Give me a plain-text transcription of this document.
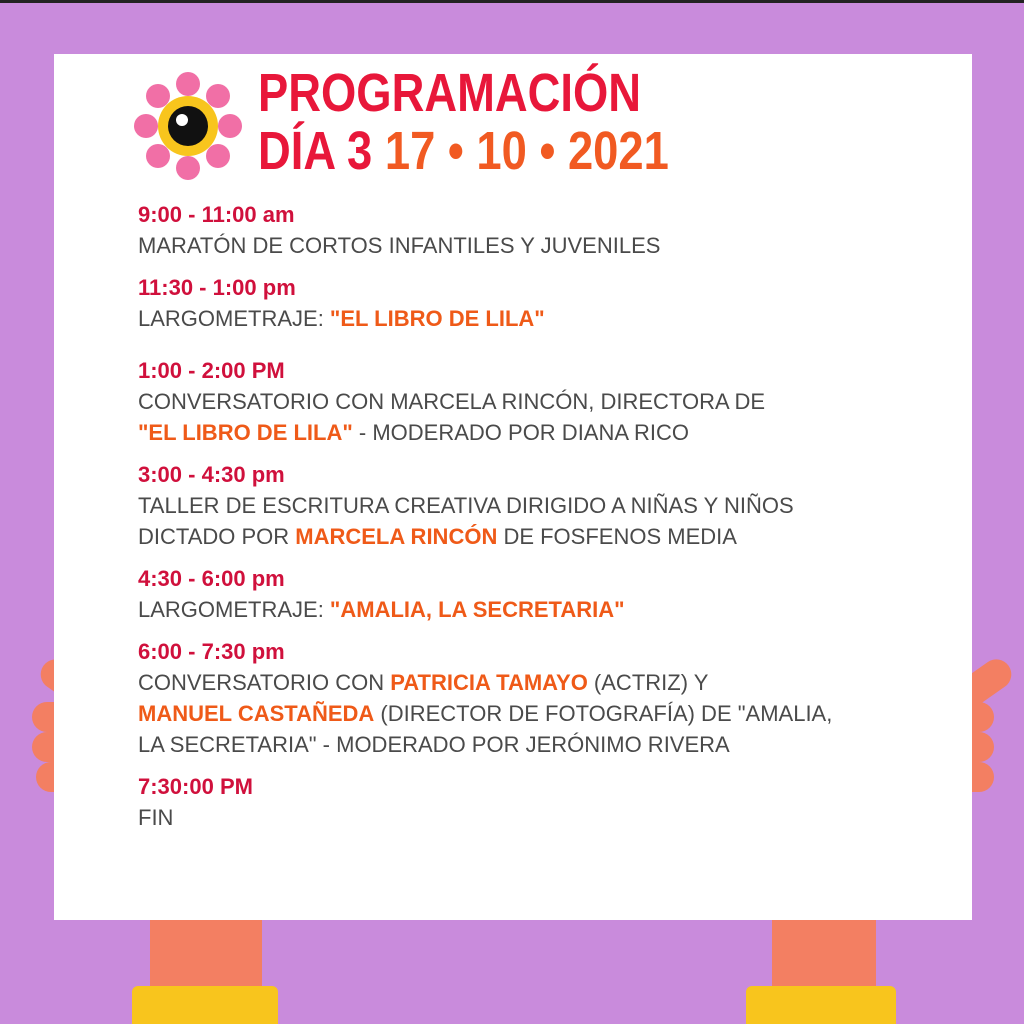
PROGRAMACIÓN
DÍA 3 17 • 10 • 2021
9:00 - 11:00 am
MARATÓN DE CORTOS INFANTILES Y JUVENILES
11:30 - 1:00 pm
LARGOMETRAJE: "EL LIBRO DE LILA"
1:00 - 2:00 PM
CONVERSATORIO CON MARCELA RINCÓN, DIRECTORA DE
"EL LIBRO DE LILA" - MODERADO POR DIANA RICO
3:00 - 4:30 pm
TALLER DE ESCRITURA CREATIVA DIRIGIDO A NIÑAS Y NIÑOS
DICTADO POR MARCELA RINCÓN DE FOSFENOS MEDIA
4:30 - 6:00 pm
LARGOMETRAJE: "AMALIA, LA SECRETARIA"
6:00 - 7:30 pm
CONVERSATORIO CON PATRICIA TAMAYO (ACTRIZ) Y
MANUEL CASTAÑEDA (DIRECTOR DE FOTOGRAFÍA) DE "AMALIA,
LA SECRETARIA" - MODERADO POR JERÓNIMO RIVERA
7:30:00 PM
FIN
